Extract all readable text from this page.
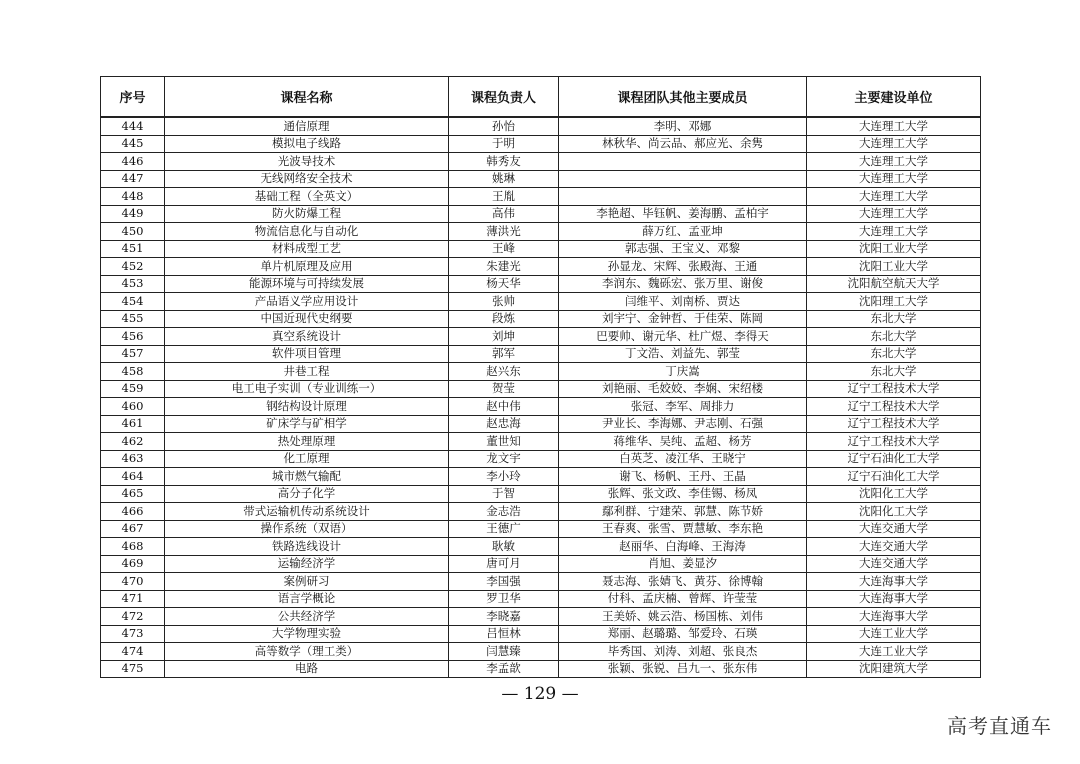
序号	课程名称	课程负责人	课程团队其他主要成员	主要建设单位
444	通信原理	孙怡	李明、邓娜	大连理工大学
445	模拟电子线路	于明	林秋华、尚云品、郝应光、余隽	大连理工大学
446	光波导技术	韩秀友		大连理工大学
447	无线网络安全技术	姚琳		大连理工大学
448	基础工程（全英文）	王胤		大连理工大学
449	防火防爆工程	高伟	李艳超、毕钰帆、姜海鹏、孟柏宇	大连理工大学
450	物流信息化与自动化	薄洪光	薛万红、孟亚坤	大连理工大学
451	材料成型工艺	王峰	郭志强、王宝义、邓黎	沈阳工业大学
452	单片机原理及应用	朱建光	孙显龙、宋辉、张殿海、王通	沈阳工业大学
453	能源环境与可持续发展	杨天华	李润东、魏砾宏、张万里、谢俊	沈阳航空航天大学
454	产品语义学应用设计	张帅	闫维平、刘南桥、贾达	沈阳理工大学
455	中国近现代史纲要	段炼	刘宇宁、金钟哲、于佳荣、陈岡	东北大学
456	真空系统设计	刘坤	巴要帅、谢元华、杜广煜、李得天	东北大学
457	软件项目管理	郭军	丁文浩、刘益先、郭莹	东北大学
458	井巷工程	赵兴东	丁庆嵩	东北大学
459	电工电子实训（专业训练一）	贺莹	刘艳丽、毛姣姣、李娴、宋绍楼	辽宁工程技术大学
460	钢结构设计原理	赵中伟	张冠、李军、周排力	辽宁工程技术大学
461	矿床学与矿相学	赵忠海	尹业长、李海娜、尹志刚、石强	辽宁工程技术大学
462	热处理原理	董世知	蒋维华、吴纯、孟超、杨芳	辽宁工程技术大学
463	化工原理	龙文宇	白英芝、凌江华、王晓宁	辽宁石油化工大学
464	城市燃气输配	李小玲	谢飞、杨帆、王丹、王晶	辽宁石油化工大学
465	高分子化学	于智	张辉、张文政、李佳锡、杨凤	沈阳化工大学
466	带式运输机传动系统设计	金志浩	鄢利群、宁建荣、郭慧、陈节娇	沈阳化工大学
467	操作系统（双语）	王德广	王春爽、张雪、贾慧敏、李东艳	大连交通大学
468	铁路选线设计	耿敏	赵丽华、白海峰、王海涛	大连交通大学
469	运输经济学	唐可月	肖旭、姜显汐	大连交通大学
470	案例研习	李国强	聂志海、张婧飞、黄芬、徐博翰	大连海事大学
471	语言学概论	罗卫华	付科、孟庆楠、曾辉、许莹莹	大连海事大学
472	公共经济学	李晓嘉	王美娇、姚云浩、杨国栋、刘伟	大连海事大学
473	大学物理实验	吕恒林	郑丽、赵璐璐、邹爱玲、石瑛	大连工业大学
474	高等数学（理工类）	闫慧臻	毕秀国、刘涛、刘超、张良杰	大连工业大学
475	电路	李孟歆	张颖、张锐、吕九一、张东伟	沈阳建筑大学
— 129 —
高考直通车
